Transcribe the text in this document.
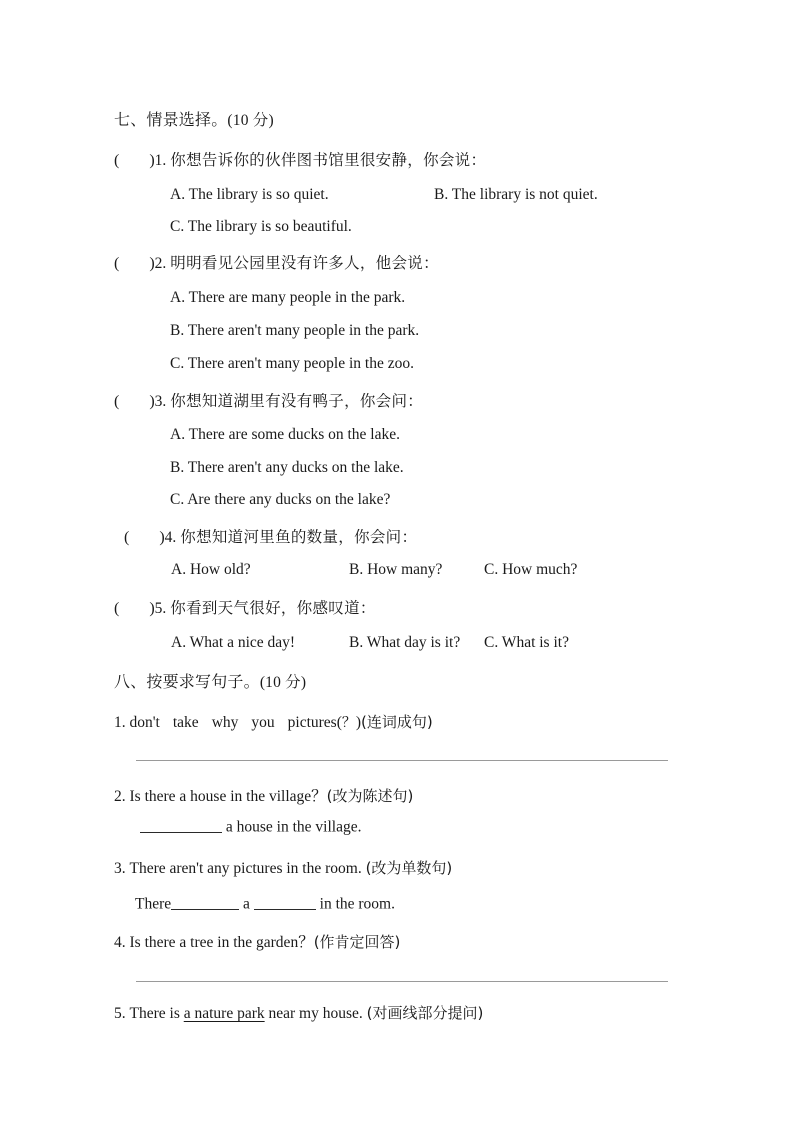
七、情景选择。(10 分)
( )1. 你想告诉你的伙伴图书馆里很安静，你会说：
A. The library is so quiet.	B. The library is not quiet.
C. The library is so beautiful.
( )2. 明明看见公园里没有许多人，他会说：
A. There are many people in the park.
B. There aren't many people in the park.
C. There aren't many people in the zoo.
( )3. 你想知道湖里有没有鸭子，你会问：
A. There are some ducks on the lake.
B. There aren't any ducks on the lake.
C. Are there any ducks on the lake?
( )4. 你想知道河里鱼的数量，你会问：
A. How old?	B. How many?	C. How much?
( )5. 你看到天气很好，你感叹道：
A. What a nice day!	B. What day is it? C. What is it?
八、按要求写句子。(10 分)
1. don't take why you pictures(？)(连词成句)
2. Is there a house in the village？(改为陈述句)
a house in the village.
3. There aren't any pictures in the room. (改为单数句)
There	a	in the room.
4. Is there a tree in the garden？(作肯定回答)
5. There is a nature park near my house. (对画线部分提问)
